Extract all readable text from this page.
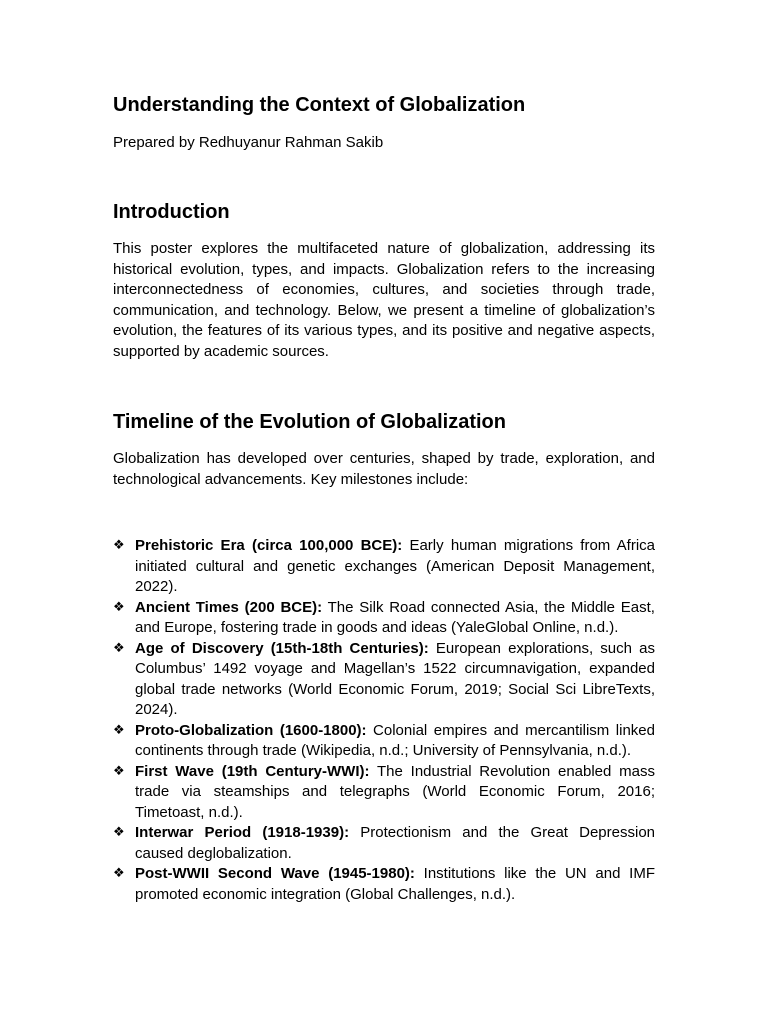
Understanding the Context of Globalization

Prepared by Redhuyanur Rahman Sakib

Introduction

This poster explores the multifaceted nature of globalization, addressing its historical evolution, types, and impacts. Globalization refers to the increasing interconnectedness of economies, cultures, and societies through trade, communication, and technology. Below, we present a timeline of globalization’s evolution, the features of its various types, and its positive and negative aspects, supported by academic sources.

Timeline of the Evolution of Globalization

Globalization has developed over centuries, shaped by trade, exploration, and technological advancements. Key milestones include:

❖ Prehistoric Era (circa 100,000 BCE): Early human migrations from Africa initiated cultural and genetic exchanges (American Deposit Management, 2022).
❖ Ancient Times (200 BCE): The Silk Road connected Asia, the Middle East, and Europe, fostering trade in goods and ideas (YaleGlobal Online, n.d.).
❖ Age of Discovery (15th-18th Centuries): European explorations, such as Columbus’ 1492 voyage and Magellan’s 1522 circumnavigation, expanded global trade networks (World Economic Forum, 2019; Social Sci LibreTexts, 2024).
❖ Proto-Globalization (1600-1800): Colonial empires and mercantilism linked continents through trade (Wikipedia, n.d.; University of Pennsylvania, n.d.).
❖ First Wave (19th Century-WWI): The Industrial Revolution enabled mass trade via steamships and telegraphs (World Economic Forum, 2016; Timetoast, n.d.).
❖ Interwar Period (1918-1939): Protectionism and the Great Depression caused deglobalization.
❖ Post-WWII Second Wave (1945-1980): Institutions like the UN and IMF promoted economic integration (Global Challenges, n.d.).
